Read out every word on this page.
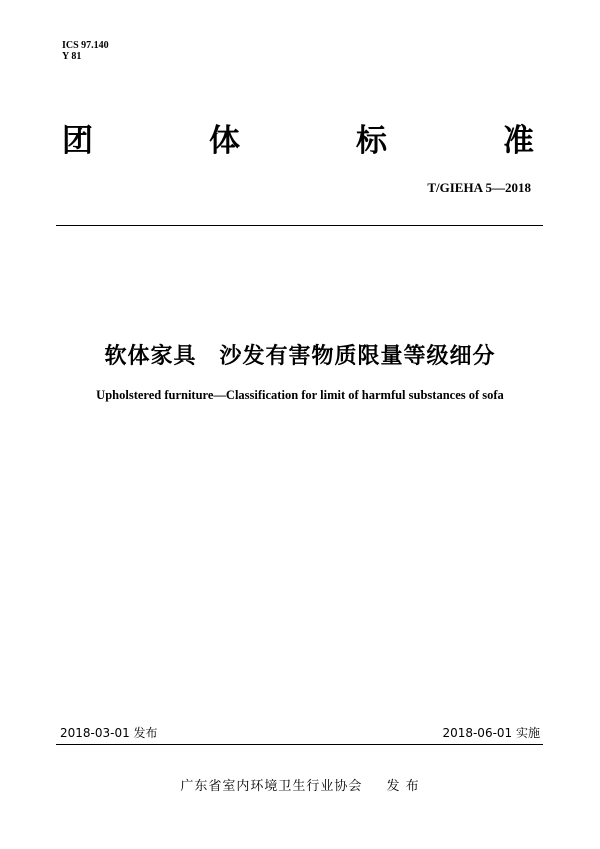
ICS 97.140
Y 81
团	体	标	准
T/GIEHA 5—2018
软体家具　沙发有害物质限量等级细分
Upholstered furniture—Classification for limit of harmful substances of sofa
2018-03-01 发布	2018-06-01 实施
广东省室内环境卫生行业协会 发 布
